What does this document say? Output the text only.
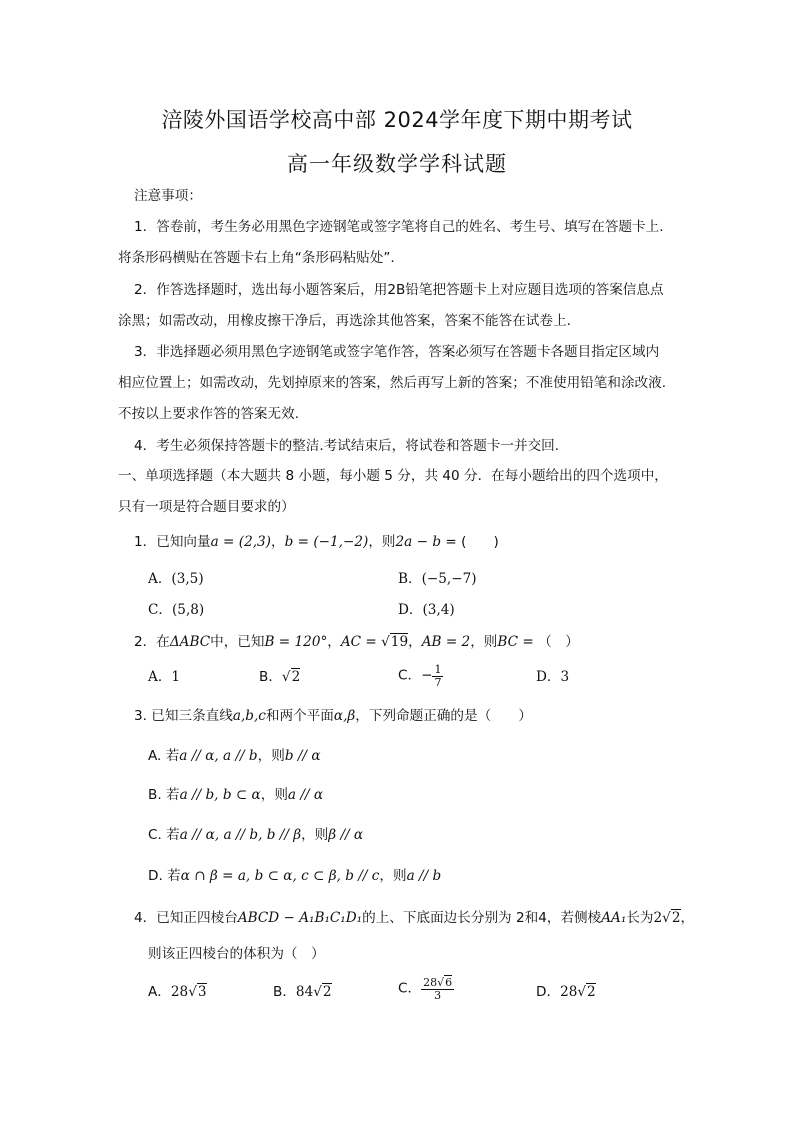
涪陵外国语学校高中部 2024学年度下期中期考试
高一年级数学学科试题
注意事项：
1．答卷前，考生务必用黑色字迹钢笔或签字笔将自己的姓名、考生号、填写在答题卡上.
将条形码横贴在答题卡右上角“条形码粘贴处”.
2．作答选择题时，选出每小题答案后，用2B铅笔把答题卡上对应题目选项的答案信息点
涂黑；如需改动，用橡皮擦干净后，再选涂其他答案，答案不能答在试卷上.
3．非选择题必须用黑色字迹钢笔或签字笔作答，答案必须写在答题卡各题目指定区域内
相应位置上；如需改动，先划掉原来的答案，然后再写上新的答案；不准使用铅笔和涂改液.
不按以上要求作答的答案无效.
4．考生必须保持答题卡的整洁.考试结束后，将试卷和答题卡一并交回.
一、单项选择题（本大题共 8 小题，每小题 5 分，共 40 分．在每小题给出的四个选项中，
只有一项是符合题目要求的）
1．已知向量a = (2,3)，b = (−1,−2)，则2a − b = (　　)
A．(3,5)	B．(−5,−7)
C．(5,8)	D．(3,4)
2．在ΔABC中，已知B = 120°，AC = √19，AB = 2，则BC = （　）
A．1	B．√2	C．− $\frac{1}{7}$	D．3
3. 已知三条直线a,b,c和两个平面α,β，下列命题正确的是（　　）
A. 若a // α, a // b，则b // α
B. 若a // b, b ⊂ α，则a // α
C. 若a // α, a // b, b // β，则β // α
D. 若α ∩ β = a, b ⊂ α, c ⊂ β, b // c，则a // b
4．已知正四棱台ABCD − A₁B₁C₁D₁的上、下底面边长分别为 2和4，若侧棱AA₁长为2√2，
则该正四棱台的体积为（　）
A．28√3	B．84√2	C． $\frac{28√6}{3}$	D．28√2
